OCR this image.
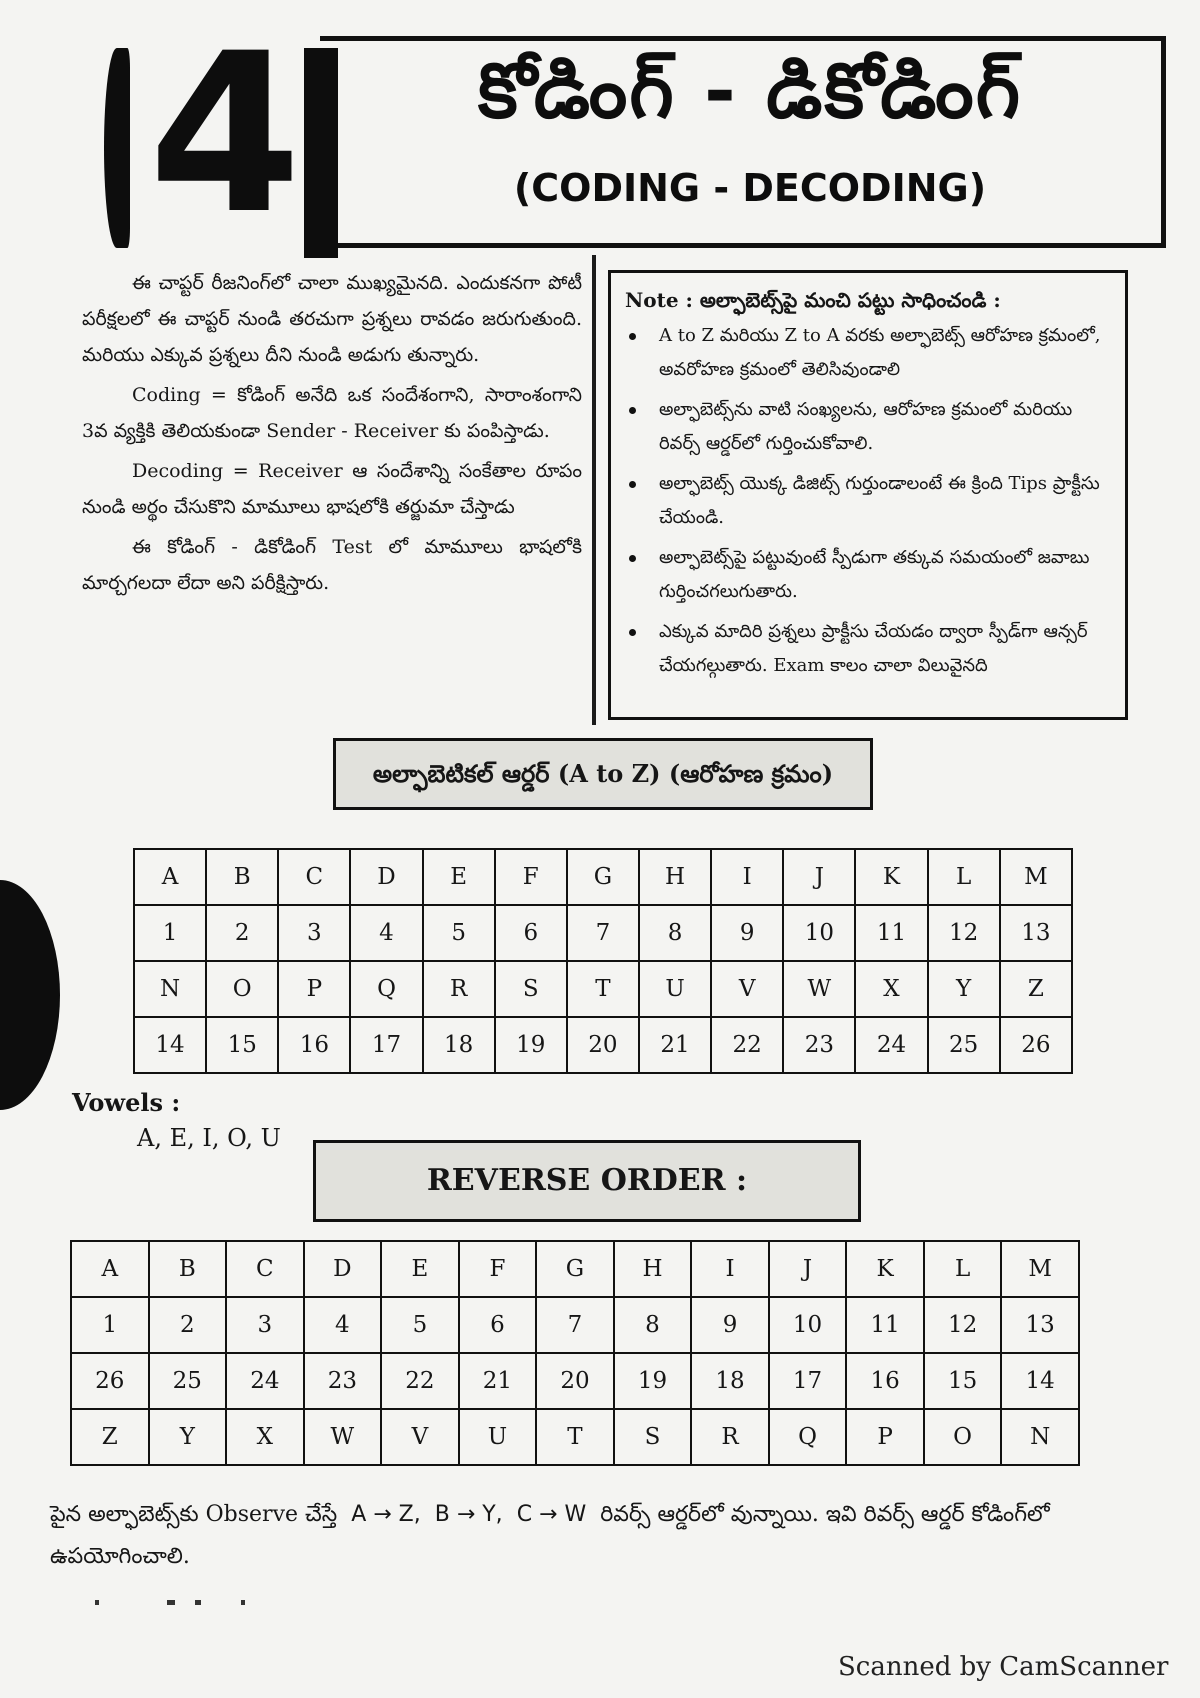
4	కోడింగ్ - డికోడింగ్
(CODING - DECODING)

ఈ చాప్టర్ రీజనింగ్‌లో చాలా ముఖ్యమైనది. ఎందుకనగా పోటీ పరీక్షలలో ఈ చాప్టర్ నుండి తరచుగా ప్రశ్నలు రావడం జరుగుతుంది. మరియు ఎక్కువ ప్రశ్నలు దీని నుండి అడుగు తున్నారు.

Coding = కోడింగ్ అనేది ఒక సందేశంగాని, సారాంశంగాని 3వ వ్యక్తికి తెలియకుండా Sender - Receiver కు పంపిస్తాడు.

Decoding = Receiver ఆ సందేశాన్ని సంకేతాల రూపం నుండి అర్థం చేసుకొని మామూలు భాషలోకి తర్జుమా చేస్తాడు

ఈ కోడింగ్ - డికోడింగ్ Test లో మామూలు భాషలోకి మార్చగలదా లేదా అని పరీక్షిస్తారు.

Note : అల్ఫాబెట్స్‌పై మంచి పట్టు సాధించండి :
A to Z మరియు Z to A వరకు అల్ఫాబెట్స్ ఆరోహణ క్రమంలో, అవరోహణ క్రమంలో తెలిసివుండాలి
అల్ఫాబెట్స్‌ను వాటి సంఖ్యలను, ఆరోహణ క్రమంలో మరియు రివర్స్ ఆర్డర్‌లో గుర్తించుకోవాలి.
అల్ఫాబెట్స్ యొక్క డిజిట్స్ గుర్తుండాలంటే ఈ క్రింది Tips ప్రాక్టీసు చేయండి.
అల్ఫాబెట్స్‌పై పట్టువుంటే స్పీడుగా తక్కువ సమయంలో జవాబు గుర్తించగలుగుతారు.
ఎక్కువ మాదిరి ప్రశ్నలు ప్రాక్టీసు చేయడం ద్వారా స్పీడ్‌గా ఆన్సర్ చేయగల్గుతారు. Exam కాలం చాలా విలువైనది
అల్ఫాబెటికల్ ఆర్డర్ (A to Z) (ఆరోహణ క్రమం)
A	B	C	D	E	F	G	H	I	J	K	L	M
1	2	3	4	5	6	7	8	9	10	11	12	13
N	O	P	Q	R	S	T	U	V	W	X	Y	Z
14	15	16	17	18	19	20	21	22	23	24	25	26
Vowels :
A, E, I, O, U
REVERSE ORDER :
A	B	C	D	E	F	G	H	I	J	K	L	M
1	2	3	4	5	6	7	8	9	10	11	12	13
26	25	24	23	22	21	20	19	18	17	16	15	14
Z	Y	X	W	V	U	T	S	R	Q	P	O	N
పైన అల్ఫాబెట్స్‌కు Observe చేస్తే A → Z, B → Y, C → W రివర్స్ ఆర్డర్‌లో వున్నాయి. ఇవి రివర్స్ ఆర్డర్ కోడింగ్‌లో ఉపయోగించాలి.
Scanned by CamScanner
